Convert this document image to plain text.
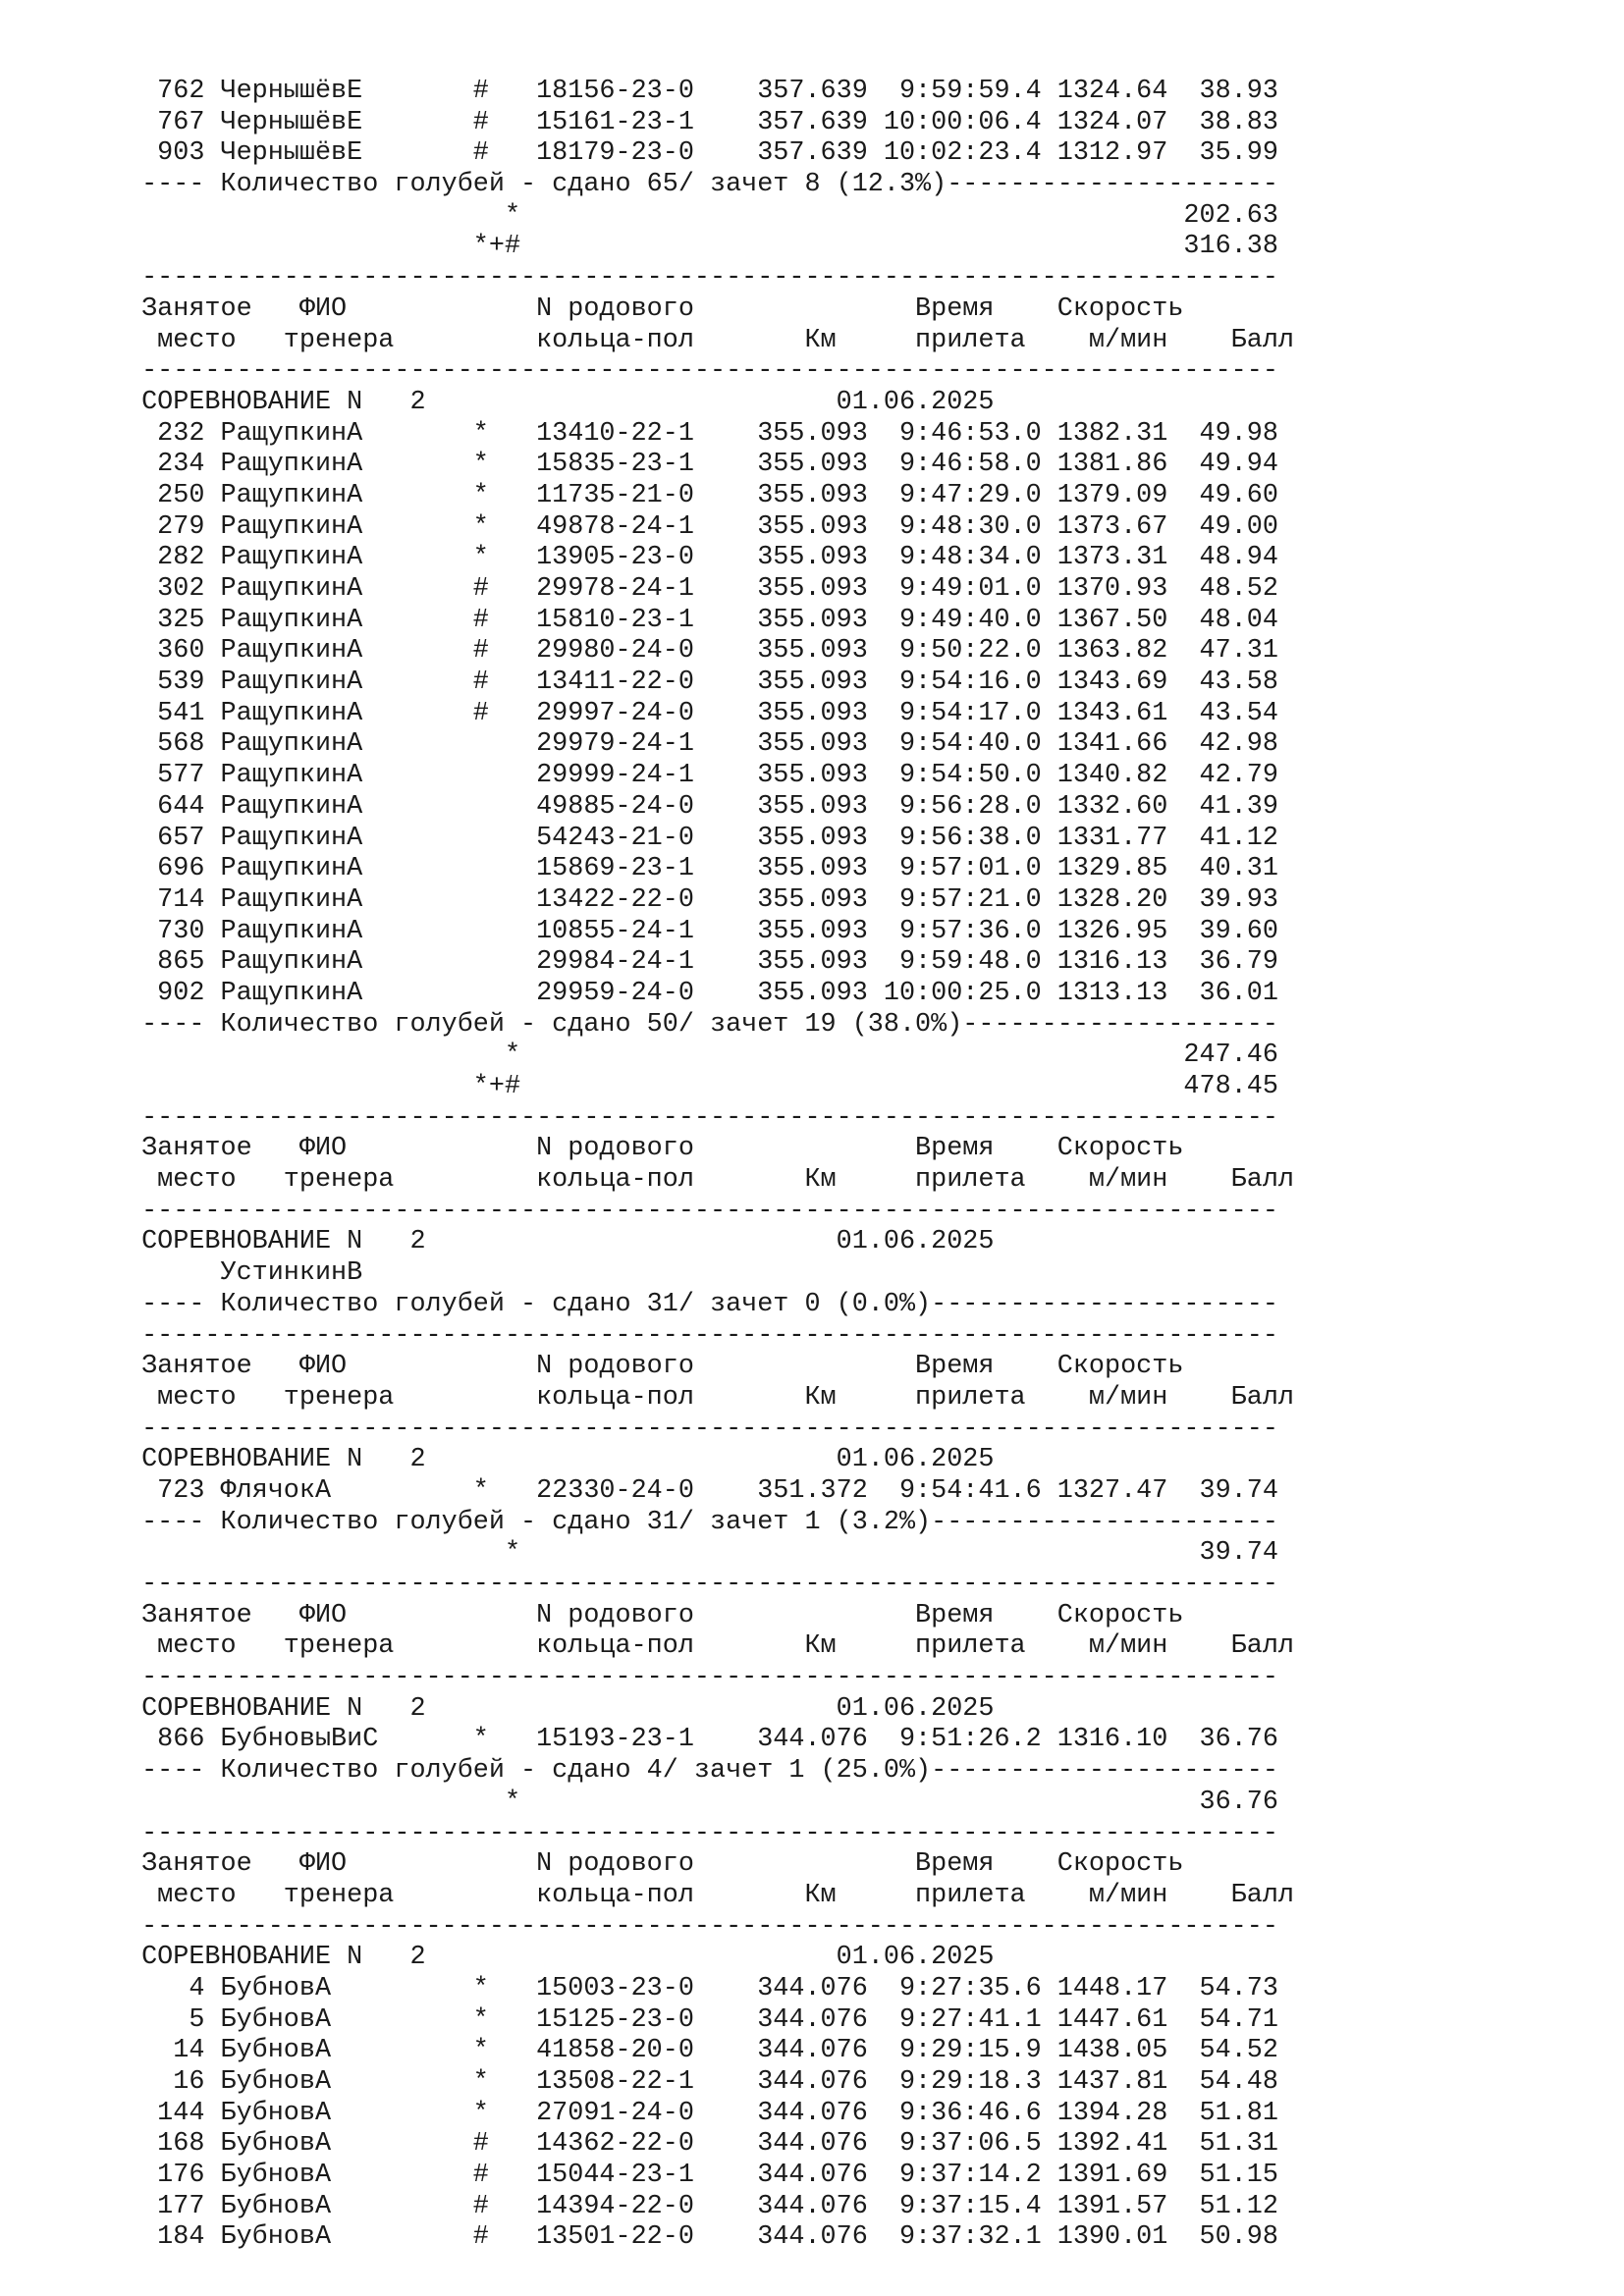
762 ЧернышёвЕ       #   18156-23-0    357.639  9:59:59.4 1324.64  38.93
767 ЧернышёвЕ       #   15161-23-1    357.639 10:00:06.4 1324.07  38.83
903 ЧернышёвЕ       #   18179-23-0    357.639 10:02:23.4 1312.97  35.99
---- Количество голубей - сдано 65/ зачет 8 (12.3%)---------------------
*                                          202.63
*+#                                          316.38
------------------------------------------------------------------------
Занятое   ФИО            N родового              Время    Скорость
место   тренера         кольца-пол       Км     прилета    м/мин    Балл
------------------------------------------------------------------------
СОРЕВНОВАНИЕ N   2                          01.06.2025
232 РащупкинА       *   13410-22-1    355.093  9:46:53.0 1382.31  49.98
234 РащупкинА       *   15835-23-1    355.093  9:46:58.0 1381.86  49.94
250 РащупкинА       *   11735-21-0    355.093  9:47:29.0 1379.09  49.60
279 РащупкинА       *   49878-24-1    355.093  9:48:30.0 1373.67  49.00
282 РащупкинА       *   13905-23-0    355.093  9:48:34.0 1373.31  48.94
302 РащупкинА       #   29978-24-1    355.093  9:49:01.0 1370.93  48.52
325 РащупкинА       #   15810-23-1    355.093  9:49:40.0 1367.50  48.04
360 РащупкинА       #   29980-24-0    355.093  9:50:22.0 1363.82  47.31
539 РащупкинА       #   13411-22-0    355.093  9:54:16.0 1343.69  43.58
541 РащупкинА       #   29997-24-0    355.093  9:54:17.0 1343.61  43.54
568 РащупкинА           29979-24-1    355.093  9:54:40.0 1341.66  42.98
577 РащупкинА           29999-24-1    355.093  9:54:50.0 1340.82  42.79
644 РащупкинА           49885-24-0    355.093  9:56:28.0 1332.60  41.39
657 РащупкинА           54243-21-0    355.093  9:56:38.0 1331.77  41.12
696 РащупкинА           15869-23-1    355.093  9:57:01.0 1329.85  40.31
714 РащупкинА           13422-22-0    355.093  9:57:21.0 1328.20  39.93
730 РащупкинА           10855-24-1    355.093  9:57:36.0 1326.95  39.60
865 РащупкинА           29984-24-1    355.093  9:59:48.0 1316.13  36.79
902 РащупкинА           29959-24-0    355.093 10:00:25.0 1313.13  36.01
---- Количество голубей - сдано 50/ зачет 19 (38.0%)--------------------
*                                          247.46
*+#                                          478.45
------------------------------------------------------------------------
Занятое   ФИО            N родового              Время    Скорость
место   тренера         кольца-пол       Км     прилета    м/мин    Балл
------------------------------------------------------------------------
СОРЕВНОВАНИЕ N   2                          01.06.2025
УстинкинВ
---- Количество голубей - сдано 31/ зачет 0 (0.0%)----------------------
------------------------------------------------------------------------
Занятое   ФИО            N родового              Время    Скорость
место   тренера         кольца-пол       Км     прилета    м/мин    Балл
------------------------------------------------------------------------
СОРЕВНОВАНИЕ N   2                          01.06.2025
723 ФлячокА         *   22330-24-0    351.372  9:54:41.6 1327.47  39.74
---- Количество голубей - сдано 31/ зачет 1 (3.2%)----------------------
*                                           39.74
------------------------------------------------------------------------
Занятое   ФИО            N родового              Время    Скорость
место   тренера         кольца-пол       Км     прилета    м/мин    Балл
------------------------------------------------------------------------
СОРЕВНОВАНИЕ N   2                          01.06.2025
866 БубновыВиС      *   15193-23-1    344.076  9:51:26.2 1316.10  36.76
---- Количество голубей - сдано 4/ зачет 1 (25.0%)----------------------
*                                           36.76
------------------------------------------------------------------------
Занятое   ФИО            N родового              Время    Скорость
место   тренера         кольца-пол       Км     прилета    м/мин    Балл
------------------------------------------------------------------------
СОРЕВНОВАНИЕ N   2                          01.06.2025
4 БубновА         *   15003-23-0    344.076  9:27:35.6 1448.17  54.73
5 БубновА         *   15125-23-0    344.076  9:27:41.1 1447.61  54.71
14 БубновА         *   41858-20-0    344.076  9:29:15.9 1438.05  54.52
16 БубновА         *   13508-22-1    344.076  9:29:18.3 1437.81  54.48
144 БубновА         *   27091-24-0    344.076  9:36:46.6 1394.28  51.81
168 БубновА         #   14362-22-0    344.076  9:37:06.5 1392.41  51.31
176 БубновА         #   15044-23-1    344.076  9:37:14.2 1391.69  51.15
177 БубновА         #   14394-22-0    344.076  9:37:15.4 1391.57  51.12
184 БубновА         #   13501-22-0    344.076  9:37:32.1 1390.01  50.98
